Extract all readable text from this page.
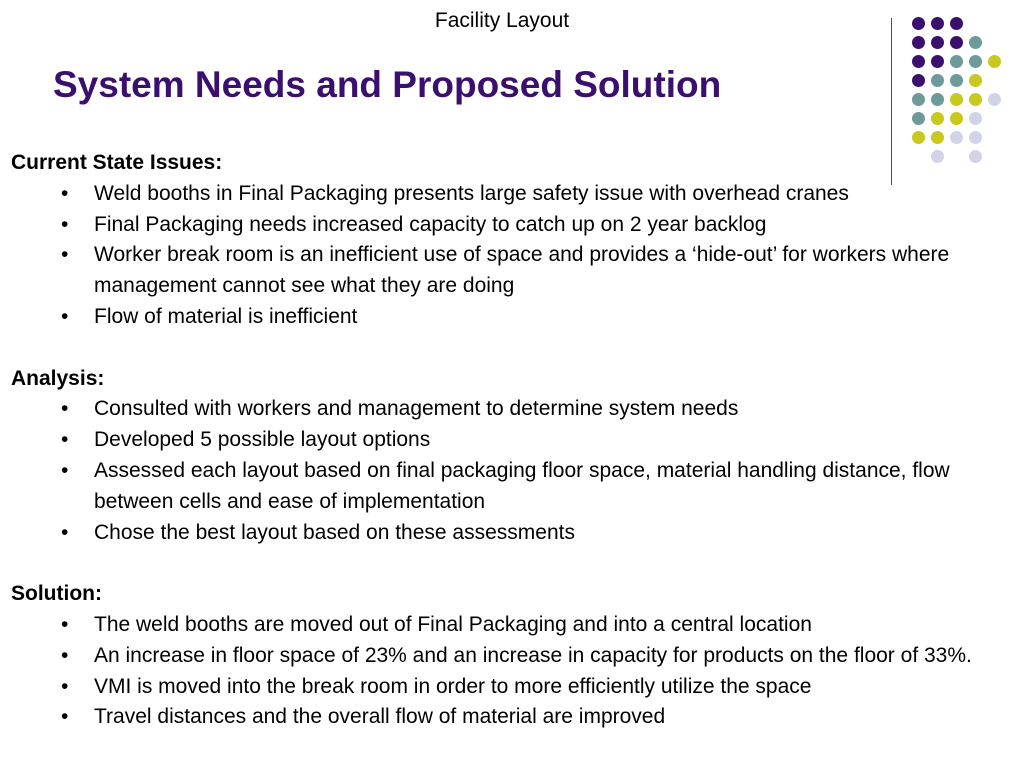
Facility Layout
System Needs and Proposed Solution

Current State Issues:

• Weld booths in Final Packaging presents large safety issue with overhead cranes
• Final Packaging needs increased capacity to catch up on 2 year backlog
• Worker break room is an inefficient use of space and provides a ‘hide-out’ for workers where management cannot see what they are doing
• Flow of material is inefficient

Analysis:

• Consulted with workers and management to determine system needs
• Developed 5 possible layout options
• Assessed each layout based on final packaging floor space, material handling distance, flow between cells and ease of implementation
• Chose the best layout based on these assessments

Solution:

• The weld booths are moved out of Final Packaging and into a central location
• An increase in floor space of 23% and an increase in capacity for products on the floor of 33%.
• VMI is moved into the break room in order to more efficiently utilize the space
• Travel distances and the overall flow of material are improved
